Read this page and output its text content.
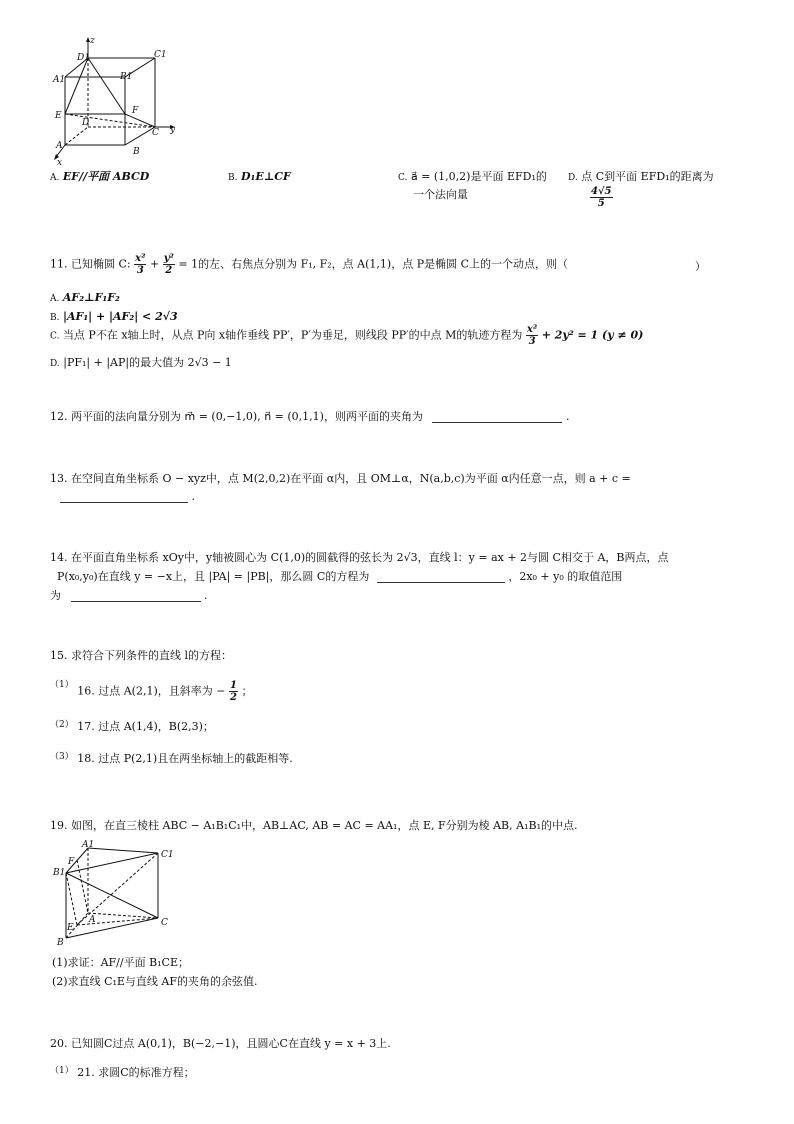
z
D1	C1
A1	B1
E
D
F
C y
A
B
x
A. EF//平面 ABCD	B. D₁E⊥CF	C. a⃗ = (1,0,2)是平面 EFD₁的
一个法向量
D. 点 C到平面 EFD₁的距离为
$\frac{4√5}{5}$
11. 已知椭圆 C: $\frac{\text{x²}}{3} + \frac{\text{y²}}{2} = 1$的左、右焦点分别为 F₁, F₂，点 A(1,1)，点 P是椭圆 C上的一个动点，则（	）
A. AF₂⊥F₁F₂
B. |AF₁| + |AF₂| < 2√3
C. 当点 P不在 x轴上时，从点 P向 x轴作垂线 PP′，P′为垂足，则线段 PP′的中点 M的轨迹方程为 $\frac{\text{x²}}{3} + 2y^2 = 1$ (y ≠ 0)
D. |PF₁| + |AP|的最大值为 2√3 − 1
12. 两平面的法向量分别为 m⃗ = (0,−1,0), n⃗ = (0,1,1)，则两平面的夹角为	.
13. 在空间直角坐标系 O − xyz中，点 M(2,0,2)在平面 α内，且 OM⊥α，N(a,b,c)为平面 α内任意一点，则 a + c =
.
14. 在平面直角坐标系 xOy中，y轴被圆心为 C(1,0)的圆截得的弦长为 2√3，直线 l：y = ax + 2与圆 C相交于 A，B两点，点
P(x₀,y₀)在直线 y = −x上，且 |PA| = |PB|，那么圆 C的方程为	，2x₀ + y₀ 的取值范围
为	.
15. 求符合下列条件的直线 l的方程：
$^{(1)}$ 16. 过点 A(2,1)，且斜率为 − $\frac{1}{2}$ ；
$^{(2)}$ 17. 过点 A(1,4)，B(2,3)；
$^{(3)}$ 18. 过点 P(2,1)且在两坐标轴上的截距相等.
19. 如图，在直三棱柱 ABC − A₁B₁C₁中，AB⊥AC, AB = AC = AA₁，点 E, F分别为棱 AB, A₁B₁的中点.
A1
C1
B1
F
E
A
B
C
(1)求证：AF//平面 B₁CE；
(2)求直线 C₁E与直线 AF的夹角的余弦值.
20. 已知圆C过点 A(0,1)，B(−2,−1)，且圆心C在直线 y = x + 3上.
$^{(1)}$ 21. 求圆C的标准方程；
